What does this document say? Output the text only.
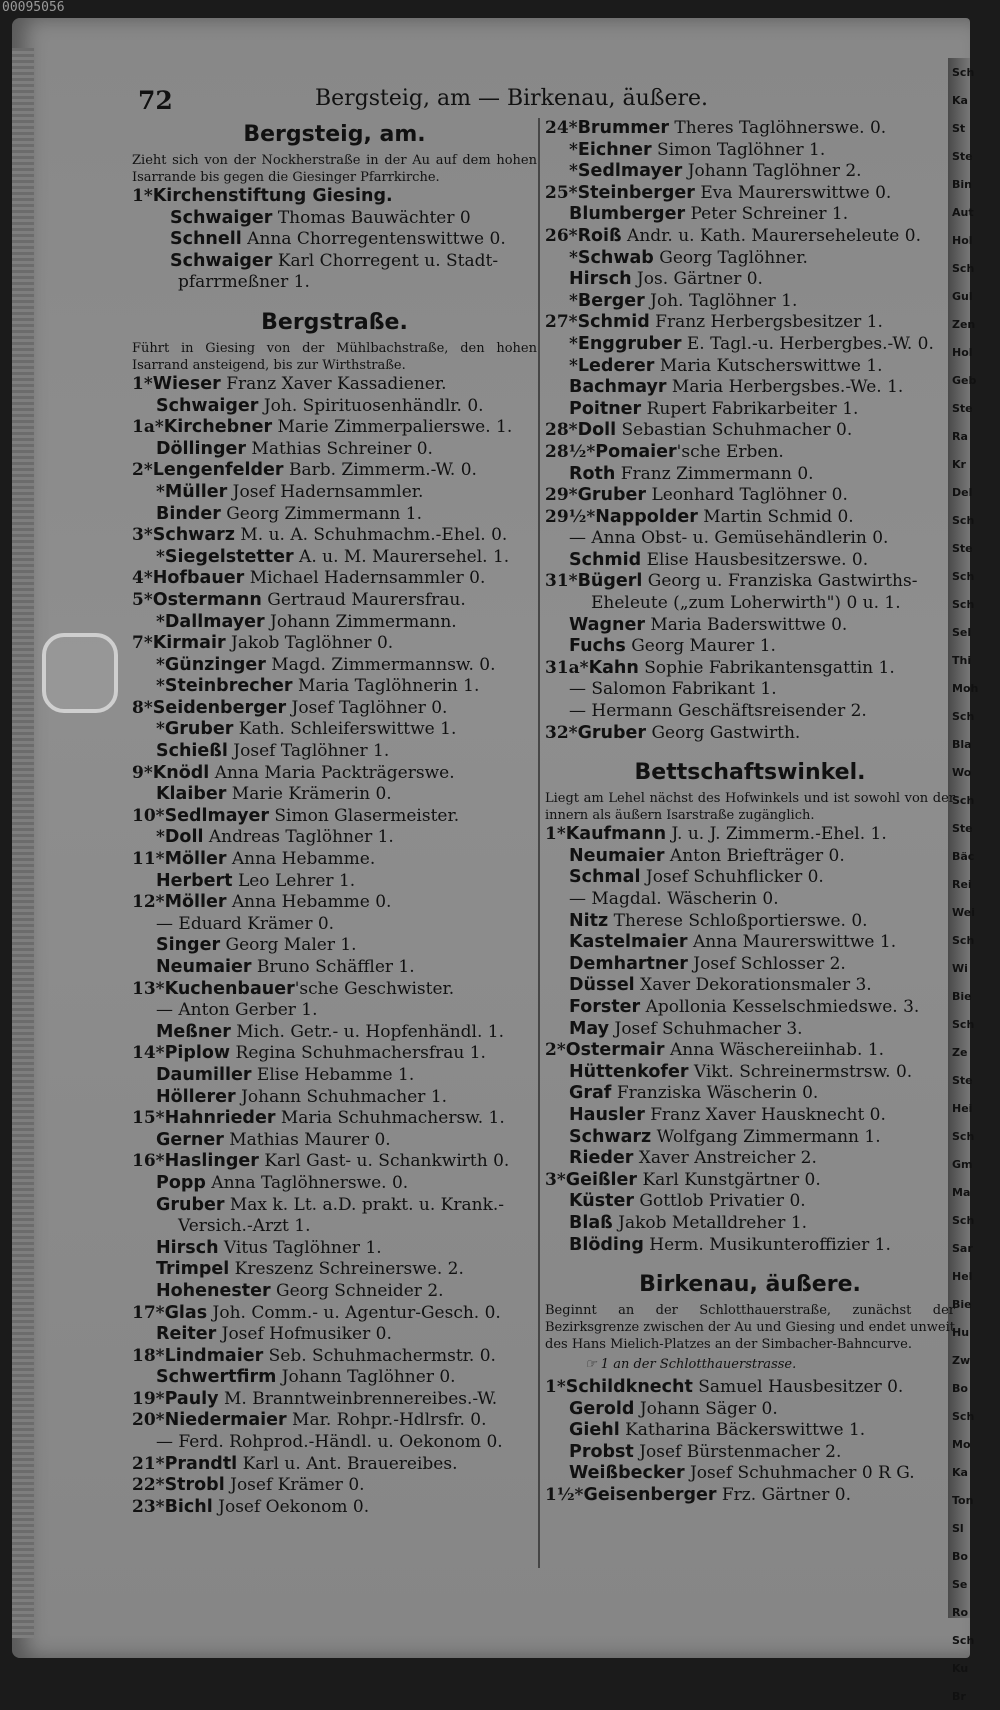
00095056
Sch
Ka
St
Ste
Bin
Aut
Hol
Sch
Gul
Zen
Hol
Geb
Ste
Ra
Kr
Del
Sch
Ste
Sch
Sch
Sel
Thi
Moh
Sch
Bla
Wo
Sch
Ste
Bäc
Rei
Wei
Sch
Wi
Bie
Sch
Ze
Ste
Hei
Sch
Gm
Ma
Sch
Sar
Hel
Bie
Hu
Zw
Bo
Sch
Mo
Ka
Ton
Sl
Bo
Se
Ro
Sch
Ku
Br
72	Bergsteig, am — Birkenau, äußere.
Bergsteig, am.
Zieht sich von der Nockherstraße in der Au auf dem hohen Isarrande bis gegen die Giesinger Pfarrkirche.
1*Kirchenstiftung Giesing.
Schwaiger Thomas Bauwächter 0
Schnell Anna Chorregentenswittwe 0.
Schwaiger Karl Chorregent u. Stadt-
pfarrmeßner 1.
Bergstraße.
Führt in Giesing von der Mühlbachstraße, den hohen Isarrand ansteigend, bis zur Wirthstraße.
1*Wieser Franz Xaver Kassadiener.
Schwaiger Joh. Spirituosenhändlr. 0.
1a*Kirchebner Marie Zimmerpalierswe. 1.
Döllinger Mathias Schreiner 0.
2*Lengenfelder Barb. Zimmerm.-W. 0.
*Müller Josef Hadernsammler.
Binder Georg Zimmermann 1.
3*Schwarz M. u. A. Schuhmachm.-Ehel. 0.
*Siegelstetter A. u. M. Maurersehel. 1.
4*Hofbauer Michael Hadernsammler 0.
5*Ostermann Gertraud Maurersfrau.
*Dallmayer Johann Zimmermann.
7*Kirmair Jakob Taglöhner 0.
*Günzinger Magd. Zimmermannsw. 0.
*Steinbrecher Maria Taglöhnerin 1.
8*Seidenberger Josef Taglöhner 0.
*Gruber Kath. Schleiferswittwe 1.
Schießl Josef Taglöhner 1.
9*Knödl Anna Maria Packträgerswe.
Klaiber Marie Krämerin 0.
10*Sedlmayer Simon Glasermeister.
*Doll Andreas Taglöhner 1.
11*Möller Anna Hebamme.
Herbert Leo Lehrer 1.
12*Möller Anna Hebamme 0.
— Eduard Krämer 0.
Singer Georg Maler 1.
Neumaier Bruno Schäffler 1.
13*Kuchenbauer'sche Geschwister.
— Anton Gerber 1.
Meßner Mich. Getr.- u. Hopfenhändl. 1.
14*Piplow Regina Schuhmachersfrau 1.
Daumiller Elise Hebamme 1.
Höllerer Johann Schuhmacher 1.
15*Hahnrieder Maria Schuhmachersw. 1.
Gerner Mathias Maurer 0.
16*Haslinger Karl Gast- u. Schankwirth 0.
Popp Anna Taglöhnerswe. 0.
Gruber Max k. Lt. a.D. prakt. u. Krank.-
Versich.-Arzt 1.
Hirsch Vitus Taglöhner 1.
Trimpel Kreszenz Schreinerswe. 2.
Hohenester Georg Schneider 2.
17*Glas Joh. Comm.- u. Agentur-Gesch. 0.
Reiter Josef Hofmusiker 0.
18*Lindmaier Seb. Schuhmachermstr. 0.
Schwertfirm Johann Taglöhner 0.
19*Pauly M. Branntweinbrennereibes.-W.
20*Niedermaier Mar. Rohpr.-Hdlrsfr. 0.
— Ferd. Rohprod.-Händl. u. Oekonom 0.
21*Prandtl Karl u. Ant. Brauereibes.
22*Strobl Josef Krämer 0.
23*Bichl Josef Oekonom 0.
24*Brummer Theres Taglöhnerswe. 0.
*Eichner Simon Taglöhner 1.
*Sedlmayer Johann Taglöhner 2.
25*Steinberger Eva Maurerswittwe 0.
Blumberger Peter Schreiner 1.
26*Roiß Andr. u. Kath. Maurerseheleute 0.
*Schwab Georg Taglöhner.
Hirsch Jos. Gärtner 0.
*Berger Joh. Taglöhner 1.
27*Schmid Franz Herbergsbesitzer 1.
*Enggruber E. Tagl.-u. Herbergbes.-W. 0.
*Lederer Maria Kutscherswittwe 1.
Bachmayr Maria Herbergsbes.-We. 1.
Poitner Rupert Fabrikarbeiter 1.
28*Doll Sebastian Schuhmacher 0.
28½*Pomaier'sche Erben.
Roth Franz Zimmermann 0.
29*Gruber Leonhard Taglöhner 0.
29½*Nappolder Martin Schmid 0.
— Anna Obst- u. Gemüsehändlerin 0.
Schmid Elise Hausbesitzerswe. 0.
31*Bügerl Georg u. Franziska Gastwirths-
Eheleute („zum Loherwirth") 0 u. 1.
Wagner Maria Baderswittwe 0.
Fuchs Georg Maurer 1.
31a*Kahn Sophie Fabrikantensgattin 1.
— Salomon Fabrikant 1.
— Hermann Geschäftsreisender 2.
32*Gruber Georg Gastwirth.
Bettschaftswinkel.
Liegt am Lehel nächst des Hofwinkels und ist sowohl von der innern als äußern Isarstraße zugänglich.
1*Kaufmann J. u. J. Zimmerm.-Ehel. 1.
Neumaier Anton Briefträger 0.
Schmal Josef Schuhflicker 0.
— Magdal. Wäscherin 0.
Nitz Therese Schloßportierswe. 0.
Kastelmaier Anna Maurerswittwe 1.
Demhartner Josef Schlosser 2.
Düssel Xaver Dekorationsmaler 3.
Forster Apollonia Kesselschmiedswe. 3.
May Josef Schuhmacher 3.
2*Ostermair Anna Wäschereiinhab. 1.
Hüttenkofer Vikt. Schreinermstrsw. 0.
Graf Franziska Wäscherin 0.
Hausler Franz Xaver Hausknecht 0.
Schwarz Wolfgang Zimmermann 1.
Rieder Xaver Anstreicher 2.
3*Geißler Karl Kunstgärtner 0.
Küster Gottlob Privatier 0.
Blaß Jakob Metalldreher 1.
Blöding Herm. Musikunteroffizier 1.
Birkenau, äußere.
Beginnt an der Schlotthauerstraße, zunächst der Bezirksgrenze zwischen der Au und Giesing und endet unweit des Hans Mielich-Platzes an der Simbacher-Bahncurve.
☞ 1 an der Schlotthauerstrasse.
1*Schildknecht Samuel Hausbesitzer 0.
Gerold Johann Säger 0.
Giehl Katharina Bäckerswittwe 1.
Probst Josef Bürstenmacher 2.
Weißbecker Josef Schuhmacher 0 R G.
1½*Geisenberger Frz. Gärtner 0.
